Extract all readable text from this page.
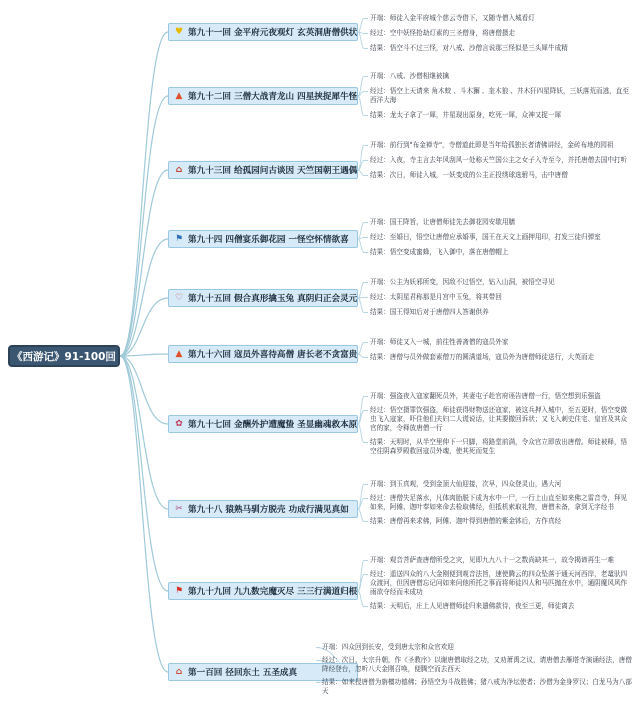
《西游记》91-100回
♥ 第九十一回 金平府元夜观灯 玄英洞唐僧供状
开端：师徒入金平府城个慈云寺借下，又随寺僧入城看灯
经过：空中妖怪抢劫灯素的三圣僧身，将唐僧摄走
结果：悟空斗不过三怪，对八戒、沙僧言说那三怪似是三头犀牛成精
▲ 第九十二回 三僧大战青龙山 四星挟捉犀牛怪
开端：八戒、沙僧相继被擒
经过：悟空上天请来 角木蛟 、斗木獬 、奎木狼 、井木犴四星降妖，三妖落荒而逃，直至西洋大海
结果：龙太子拿了一犀，井星现出原身，吃死一犀，众神又捉一犀
⌂ 第九十三回 给孤园问古谈因 天竺国朝王遇偶
开端：前行到"布金禅寺"，寺僧道此即是当年给孤独长者请佛讲经，金砖布地的园祖
经过：入夜，寺主言去年风刮风一处称天竺国公主之女子入寺至今，并托唐僧去国中打听
结果：次日，师徒入城，一妖变成的公主正投绣球选驸马，击中唐僧
⚑ 第九十四 四僧宴乐御花园 一怪空怀情欲喜
开端：国王降旨，让唐僧师徒先去御花园安歇用膳
经过：至婚日，悟空让唐僧应承婚事，国王在天文上画押用印，打发三徒归弹室
结果：悟空变成蜜蜂，飞入御中，落在唐僧帽上
♡ 第九十五回 假合真形擒玉兔 真阴归正会灵元
开端：公主为妖邪所变，因敌不过悟空，钻入山洞，被悟空寻见
经过：太阴星君称那是月宫中玉兔，将其带回
结果：国王得知后对于唐僧四人答谢供养
▲ 第九十六回 寇员外喜待高僧 唐长老不贪富贵
开端：师徒又入一城，前往性善斋僧的寇员外家
结果：唐僧与员外做套素僧万的圆满道场，寇员外为唐僧师徒送行，大英而走
✿ 第九十七回 金酬外护遭魔蛰 圣显幽魂救本原
开端：强盗夜入寇家翻死员外，其妻屯子赴官府诬告唐僧一行，悟空想到乐强盗
经过：悟空摄罪饮强盗，师徒获得财物送还寇家，被这兵押入城中，至五更时，悟空变做虫飞入寇家，吓住他们夫妇二人谎说话，让其要撤回诉状；又飞入刺史住宅、皇宫及其众官的家，令释放唐僧一行
结果：天明时，从半空里伸下一只脚，将路堂前满，令众官立即放出唐僧。师徒被释，悟空往阴森罗殿救回寇员外魂，使其死而复生
✂ 第九十八 猿熟马驯方脱壳 功成行满见真如
开端：到玉真观，受到金顶大仙迎接，次早，四众登灵山，遇大河
经过：唐僧失足落水，凡体肉胎脱下成为水中一尸，一行上山直至如来佛之雷音寺，拜见如来，阿傩、迦叶奉如来命去检取佛经，但抵机索取礼物，唐僧未备，拿到无字经书
结果：唐僧再来求佛，阿傩、迦叶得到唐僧的紫金钵后，方作真经
⚑ 第九十九回 九九数完魔灭尽 三三行满道归根
开端：观音菩萨查唐僧所受之灾，见即九九八十一之数尚缺其一，故令揭谛再生一难
经过：遥送四众的八大金刚便到观音法旨，速使腾云的四众坠落于通天河西岸，老鼋驮四众渡河，但因唐僧忘记问如来问他所托之事而将师徒四人和马匹抛在水中，通阴魔风风作雨欲夺经而未成功
结果：天明后，庄上人见唐僧师徒归来遣佛款待，夜至三更，师徒离去
⌂ 第一百回 径回东土 五圣成真
开端：四众回到长安，受到唐太宗和众官欢迎
经过：次日，太宗升朝，作《圣教序》以谢唐僧取经之功，又劝萧禹之议，请唐僧去雁塔寺演诵经法，唐僧降经登台，忽听八大金刚召唤，便腾空而去西天
结果：如来授唐僧为旃檀功德佛；孙悟空为斗战胜佛；猪八戒为净坛使者；沙僧为金身罗汉；白龙马为八部天
